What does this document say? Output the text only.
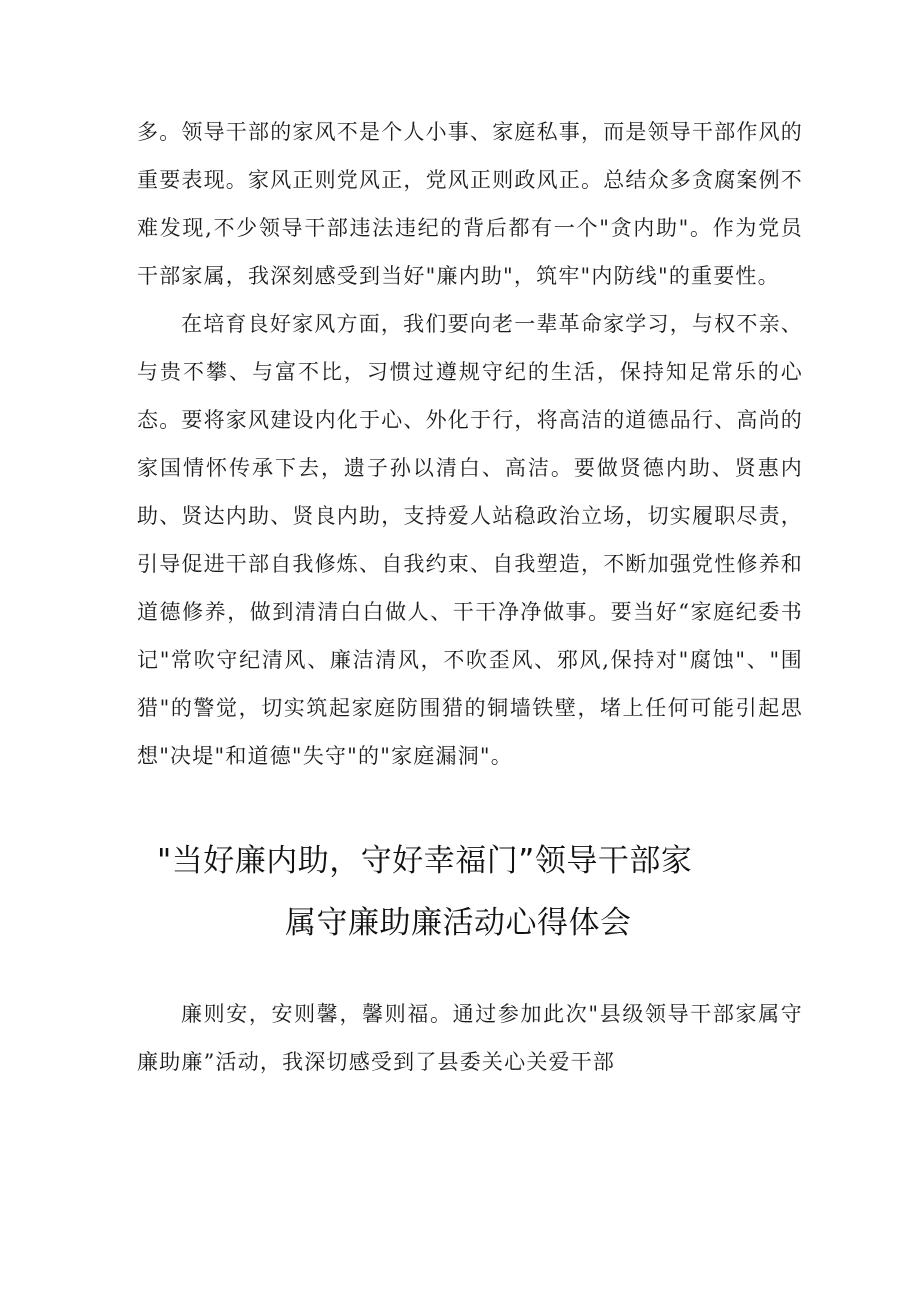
多。领导干部的家风不是个人小事、家庭私事，而是领导干部作风的重要表现。家风正则党风正，党风正则政风正。总结众多贪腐案例不难发现,不少领导干部违法违纪的背后都有一个"贪内助"。作为党员干部家属，我深刻感受到当好"廉内助"，筑牢"内防线"的重要性。

在培育良好家风方面，我们要向老一辈革命家学习，与权不亲、与贵不攀、与富不比，习惯过遵规守纪的生活，保持知足常乐的心态。要将家风建设内化于心、外化于行，将高洁的道德品行、高尚的家国情怀传承下去，遗子孙以清白、高洁。要做贤德内助、贤惠内助、贤达内助、贤良内助，支持爱人站稳政治立场，切实履职尽责，引导促进干部自我修炼、自我约束、自我塑造，不断加强党性修养和道德修养，做到清清白白做人、干干净净做事。要当好“家庭纪委书记"常吹守纪清风、廉洁清风，不吹歪风、邪风,保持对"腐蚀"、"围猎"的警觉，切实筑起家庭防围猎的铜墙铁壁，堵上任何可能引起思想"决堤"和道德"失守"的"家庭漏洞"。

"当好廉内助，守好幸福门”领导干部家
属守廉助廉活动心得体会

廉则安，安则馨，馨则福。通过参加此次"县级领导干部家属守廉助廉”活动，我深切感受到了县委关心关爱干部
